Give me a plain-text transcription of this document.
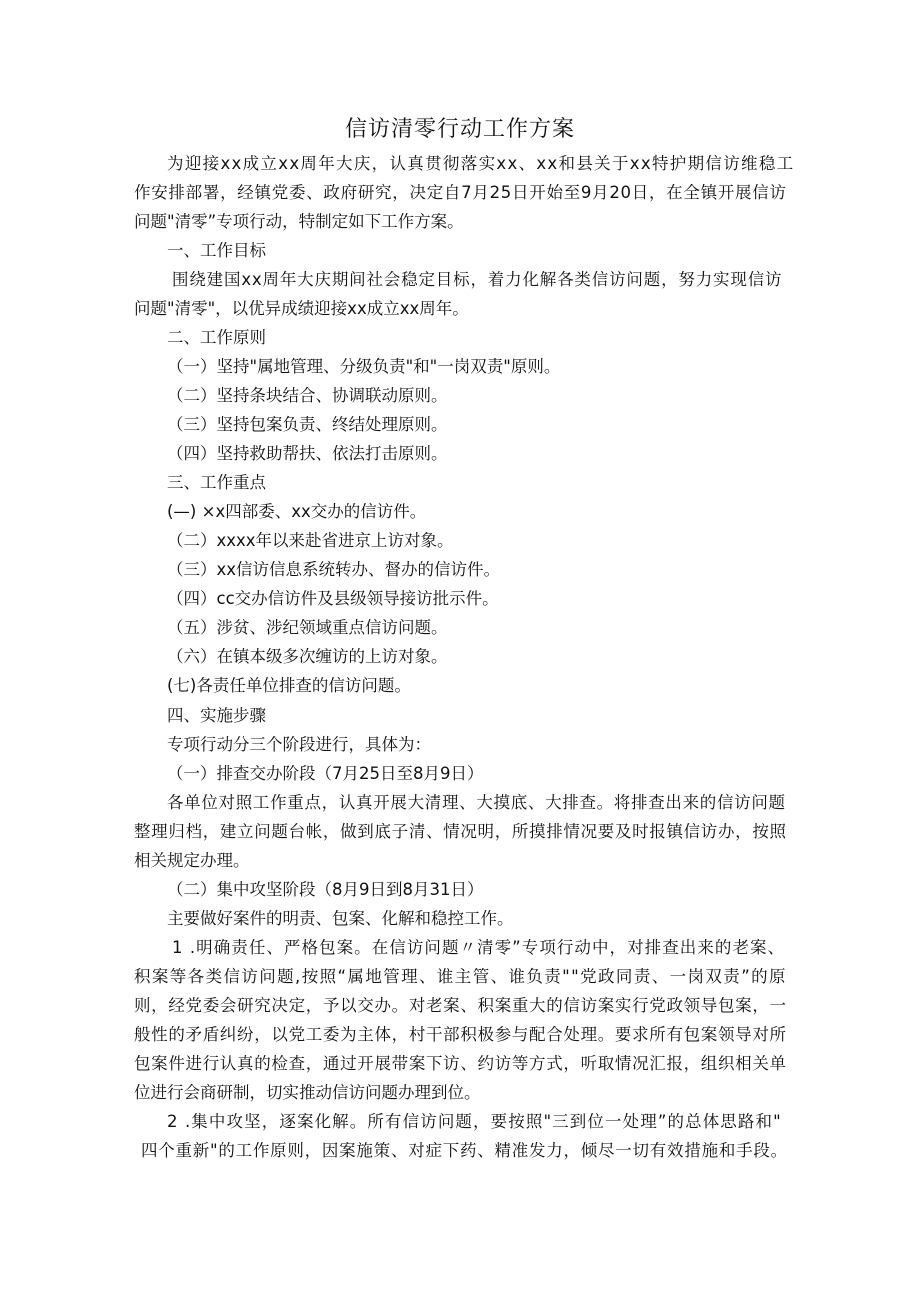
信访清零行动工作方案
为迎接xx成立xx周年大庆，认真贯彻落实xx、xx和县关于xx特护期信访维稳工
作安排部署，经镇党委、政府研究，决定自7月25日开始至9月20日，在全镇开展信访
问题"清零”专项行动，特制定如下工作方案。
一、工作目标
围绕建国xx周年大庆期间社会稳定目标，着力化解各类信访问题，努力实现信访
问题"清零"，以优异成绩迎接xx成立xx周年。
二、工作原则
（一）坚持"属地管理、分级负责"和"一岗双责"原则。
（二）坚持条块结合、协调联动原则。
（三）坚持包案负责、终结处理原则。
（四）坚持救助帮扶、依法打击原则。
三、工作重点
(—) ×x四部委、xx交办的信访件。
（二）xxxx年以来赴省进京上访对象。
（三）xx信访信息系统转办、督办的信访件。
（四）cc交办信访件及县级领导接访批示件。
（五）涉贫、涉纪领域重点信访问题。
（六）在镇本级多次缠访的上访对象。
(七)各责任单位排查的信访问题。
四、实施步骤
专项行动分三个阶段进行，具体为：
（一）排查交办阶段（7月25日至8月9日）
各单位对照工作重点，认真开展大清理、大摸底、大排查。将排查出来的信访问题
整理归档，建立问题台帐，做到底子清、情况明，所摸排情况要及时报镇信访办，按照
相关规定办理。
（二）集中攻坚阶段（8月9日到8月31日）
主要做好案件的明责、包案、化解和稳控工作。
1 .明确责任、严格包案。在信访问题〃清零”专项行动中，对排查出来的老案、
积案等各类信访问题,按照“属地管理、谁主管、谁负责""党政同责、一岗双责”的原
则，经党委会研究决定，予以交办。对老案、积案重大的信访案实行党政领导包案，一
般性的矛盾纠纷，以党工委为主体，村干部积极参与配合处理。要求所有包案领导对所
包案件进行认真的检查，通过开展带案下访、约访等方式，听取情况汇报，组织相关单
位进行会商研制，切实推动信访问题办理到位。
2 .集中攻坚，逐案化解。所有信访问题，要按照"三到位一处理”的总体思路和"
四个重新"的工作原则，因案施策、对症下药、精准发力，倾尽一切有效措施和手段。
